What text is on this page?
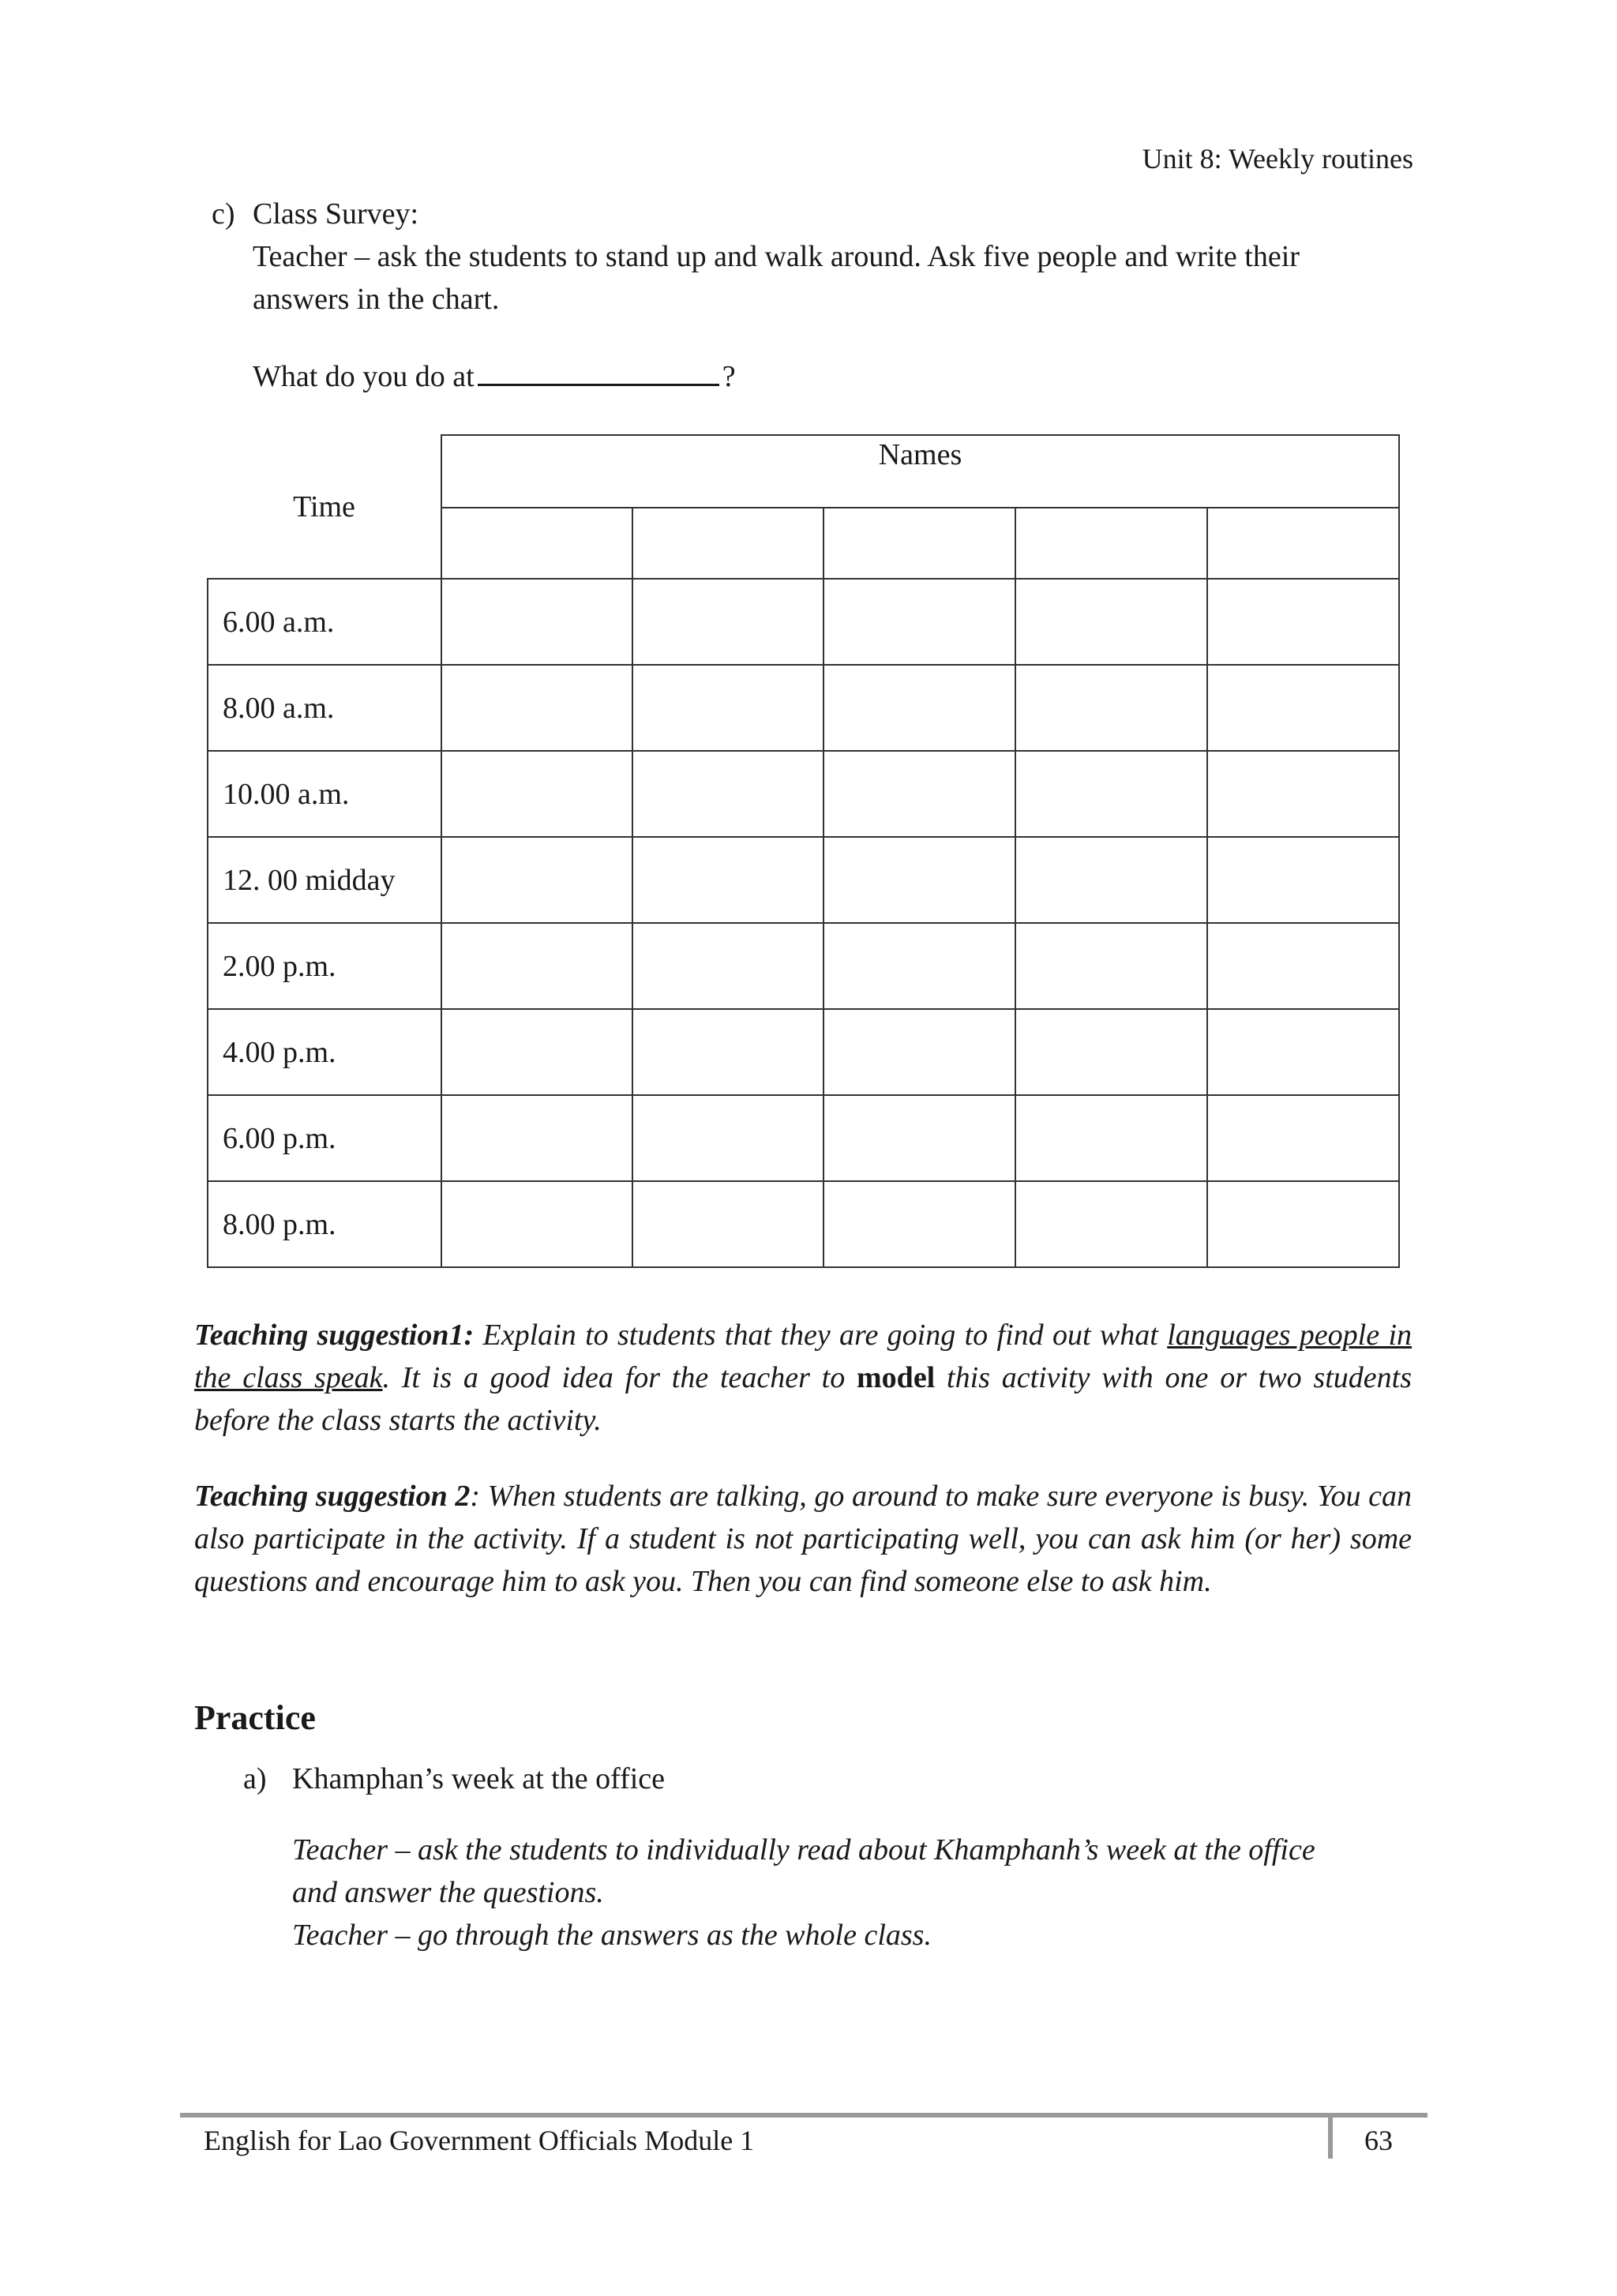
Unit 8: Weekly routines
c) Class Survey:
Teacher – ask the students to stand up and walk around. Ask five people and write their
answers in the chart.
What do you do at	?
Time	Names				

6.00 a.m.					
8.00 a.m.					
10.00 a.m.					
12. 00 midday					
2.00 p.m.					
4.00 p.m.					
6.00 p.m.					
8.00 p.m.					
Teaching suggestion1: Explain to students that they are going to find out what languages people in the class speak. It is a good idea for the teacher to model this activity with one or two students before the class starts the activity.
Teaching suggestion 2: When students are talking, go around to make sure everyone is busy. You can also participate in the activity. If a student is not participating well, you can ask him (or her) some questions and encourage him to ask you. Then you can find someone else to ask him.
Practice
a) Khamphan’s week at the office
Teacher – ask the students to individually read about Khamphanh’s week at the office
and answer the questions.
Teacher – go through the answers as the whole class.
English for Lao Government Officials Module 1	63
